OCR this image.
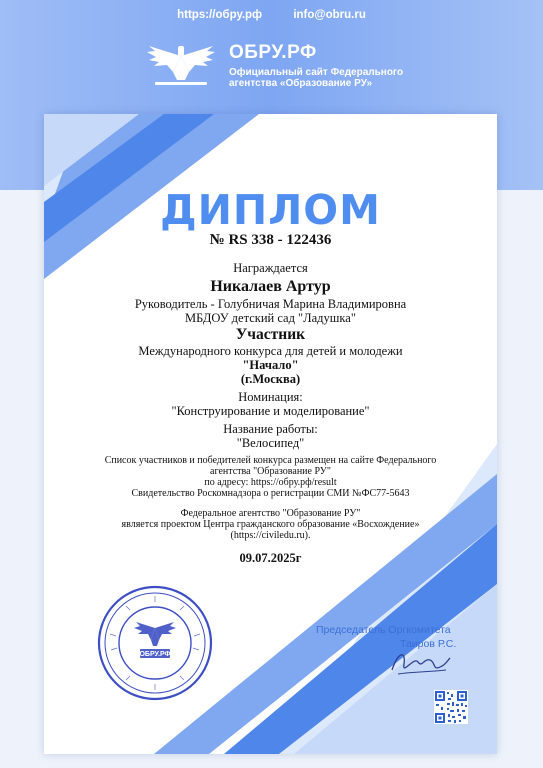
https://обру.рф	info@obru.ru
ОБРУ.РФ
Официальный сайт Федерального
агентства «Образование РУ»
ДИПЛОМ
№ RS 338 - 122436
Награждается
Никалаев Артур
Руководитель - Голубничая Марина Владимировна
МБДОУ детский сад "Ладушка"
Участник
Международного конкурса для детей и молодежи
"Начало"
(г.Москва)
Номинация:
"Конструирование и моделирование"
Название работы:
"Велосипед"
Список участников и победителей конкурса размещен на сайте Федерального
агентства "Образование РУ"
по адресу: https://обру.рф/result
Свидетельство Роскомнадзора о регистрации СМИ №ФС77-5643
Федеральное агентство "Образование РУ"
является проектом Центра гражданского образование «Восхождение»
(https://civiledu.ru).
09.07.2025г
Председатель Оргкомитета
Таиров Р.С.
ОБРУ.РФ
